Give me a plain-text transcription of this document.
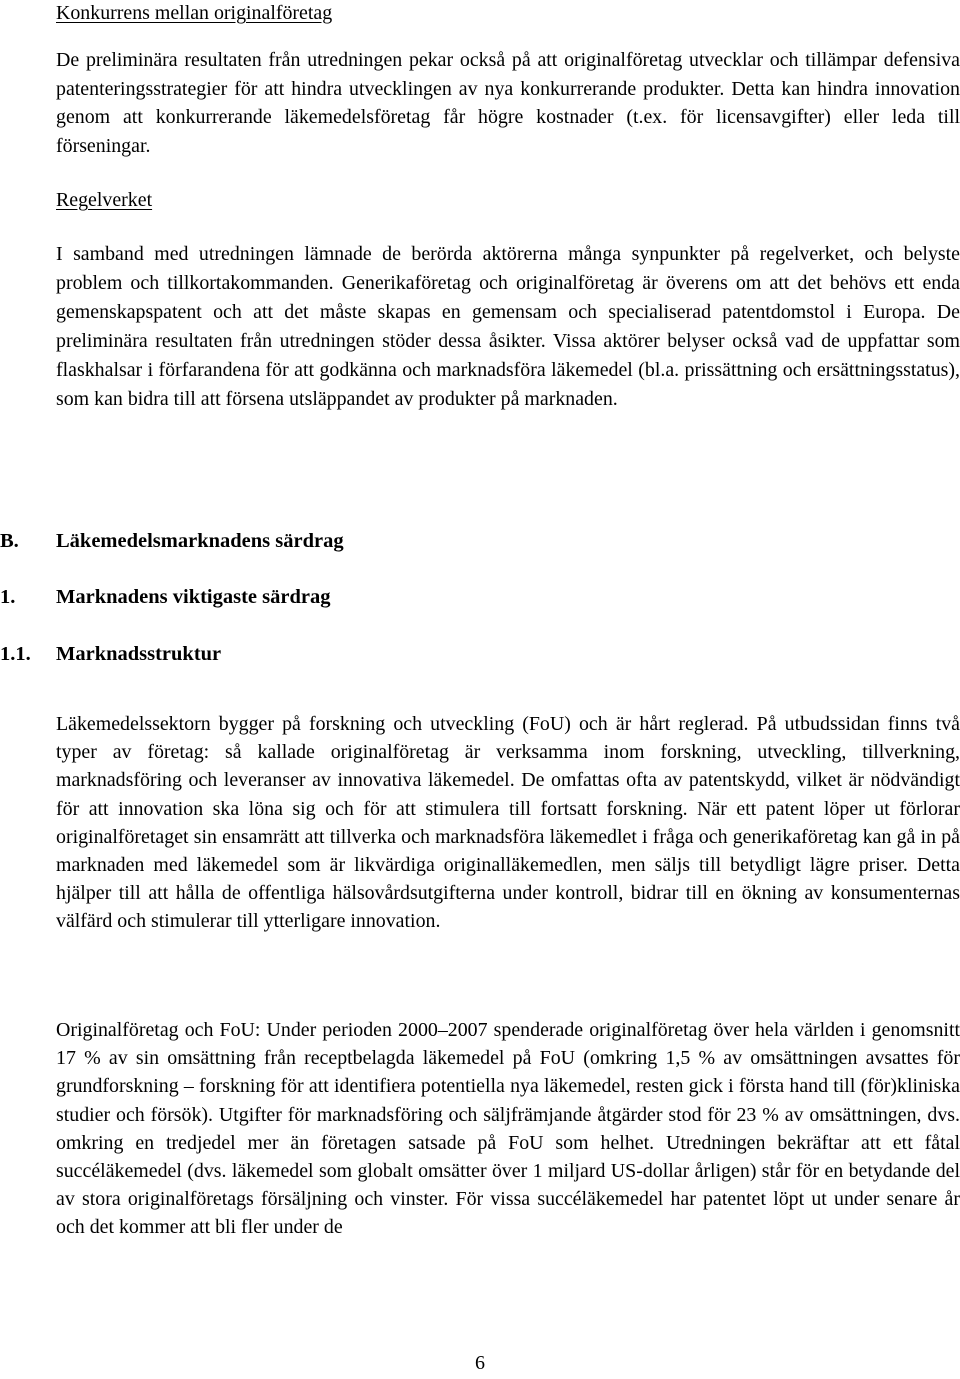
Konkurrens mellan originalföretag

De preliminära resultaten från utredningen pekar också på att originalföretag utvecklar och tillämpar defensiva patenteringsstrategier för att hindra utvecklingen av nya konkurrerande produkter. Detta kan hindra innovation genom att konkurrerande läkemedelsföretag får högre kostnader (t.ex. för licensavgifter) eller leda till förseningar.

Regelverket

I samband med utredningen lämnade de berörda aktörerna många synpunkter på regelverket, och belyste problem och tillkortakommanden. Generikaföretag och originalföretag är överens om att det behövs ett enda gemenskapspatent och att det måste skapas en gemensam och specialiserad patentdomstol i Europa. De preliminära resultaten från utredningen stöder dessa åsikter. Vissa aktörer belyser också vad de uppfattar som flaskhalsar i förfarandena för att godkänna och marknadsföra läkemedel (bl.a. prissättning och ersättningsstatus), som kan bidra till att försena utsläppandet av produkter på marknaden.

B. Läkemedelsmarknadens särdrag

1. Marknadens viktigaste särdrag

1.1. Marknadsstruktur

Läkemedelssektorn bygger på forskning och utveckling (FoU) och är hårt reglerad. På utbudssidan finns två typer av företag: så kallade originalföretag är verksamma inom forskning, utveckling, tillverkning, marknadsföring och leveranser av innovativa läkemedel. De omfattas ofta av patentskydd, vilket är nödvändigt för att innovation ska löna sig och för att stimulera till fortsatt forskning. När ett patent löper ut förlorar originalföretaget sin ensamrätt att tillverka och marknadsföra läkemedlet i fråga och generikaföretag kan gå in på marknaden med läkemedel som är likvärdiga originalläkemedlen, men säljs till betydligt lägre priser. Detta hjälper till att hålla de offentliga hälsovårdsutgifterna under kontroll, bidrar till en ökning av konsumenternas välfärd och stimulerar till ytterligare innovation.

Originalföretag och FoU: Under perioden 2000–2007 spenderade originalföretag över hela världen i genomsnitt 17 % av sin omsättning från receptbelagda läkemedel på FoU (omkring 1,5 % av omsättningen avsattes för grundforskning – forskning för att identifiera potentiella nya läkemedel, resten gick i första hand till (för)kliniska studier och försök). Utgifter för marknadsföring och säljfrämjande åtgärder stod för 23 % av omsättningen, dvs. omkring en tredjedel mer än företagen satsade på FoU som helhet. Utredningen bekräftar att ett fåtal succéläkemedel (dvs. läkemedel som globalt omsätter över 1 miljard US-dollar årligen) står för en betydande del av stora originalföretags försäljning och vinster. För vissa succéläkemedel har patentet löpt ut under senare år och det kommer att bli fler under de

6
